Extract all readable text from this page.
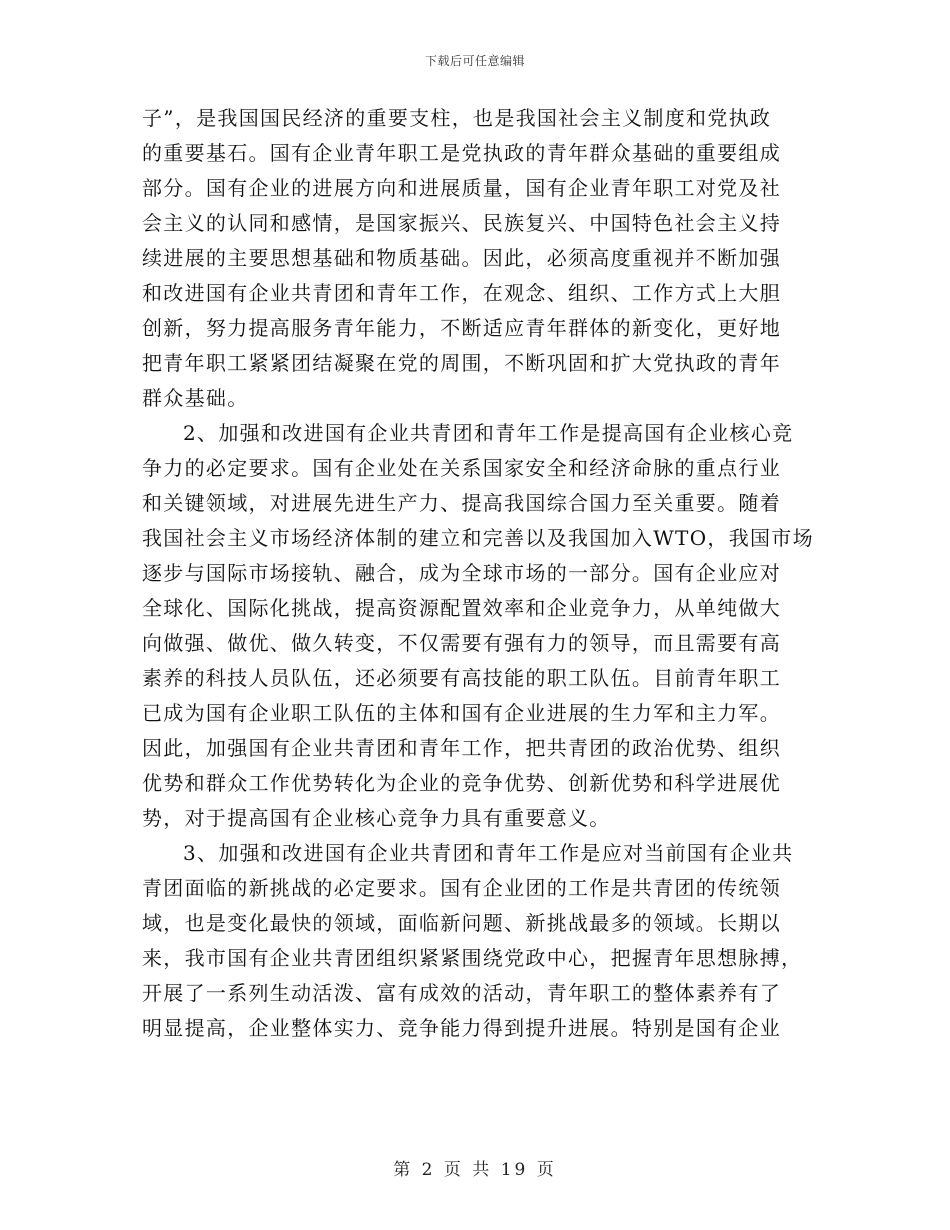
下载后可任意编辑
子”，是我国国民经济的重要支柱，也是我国社会主义制度和党执政
的重要基石。国有企业青年职工是党执政的青年群众基础的重要组成
部分。国有企业的进展方向和进展质量，国有企业青年职工对党及社
会主义的认同和感情，是国家振兴、民族复兴、中国特色社会主义持
续进展的主要思想基础和物质基础。因此，必须高度重视并不断加强
和改进国有企业共青团和青年工作，在观念、组织、工作方式上大胆
创新，努力提高服务青年能力，不断适应青年群体的新变化，更好地
把青年职工紧紧团结凝聚在党的周围，不断巩固和扩大党执政的青年
群众基础。
2、加强和改进国有企业共青团和青年工作是提高国有企业核心竞
争力的必定要求。国有企业处在关系国家安全和经济命脉的重点行业
和关键领域，对进展先进生产力、提高我国综合国力至关重要。随着
我国社会主义市场经济体制的建立和完善以及我国加入WTO，我国市场
逐步与国际市场接轨、融合，成为全球市场的一部分。国有企业应对
全球化、国际化挑战，提高资源配置效率和企业竞争力，从单纯做大
向做强、做优、做久转变，不仅需要有强有力的领导，而且需要有高
素养的科技人员队伍，还必须要有高技能的职工队伍。目前青年职工
已成为国有企业职工队伍的主体和国有企业进展的生力军和主力军。
因此，加强国有企业共青团和青年工作，把共青团的政治优势、组织
优势和群众工作优势转化为企业的竞争优势、创新优势和科学进展优
势，对于提高国有企业核心竞争力具有重要意义。
3、加强和改进国有企业共青团和青年工作是应对当前国有企业共
青团面临的新挑战的必定要求。国有企业团的工作是共青团的传统领
域，也是变化最快的领域，面临新问题、新挑战最多的领域。长期以
来，我市国有企业共青团组织紧紧围绕党政中心，把握青年思想脉搏，
开展了一系列生动活泼、富有成效的活动，青年职工的整体素养有了
明显提高，企业整体实力、竞争能力得到提升进展。特别是国有企业
第 2 页 共 19 页
